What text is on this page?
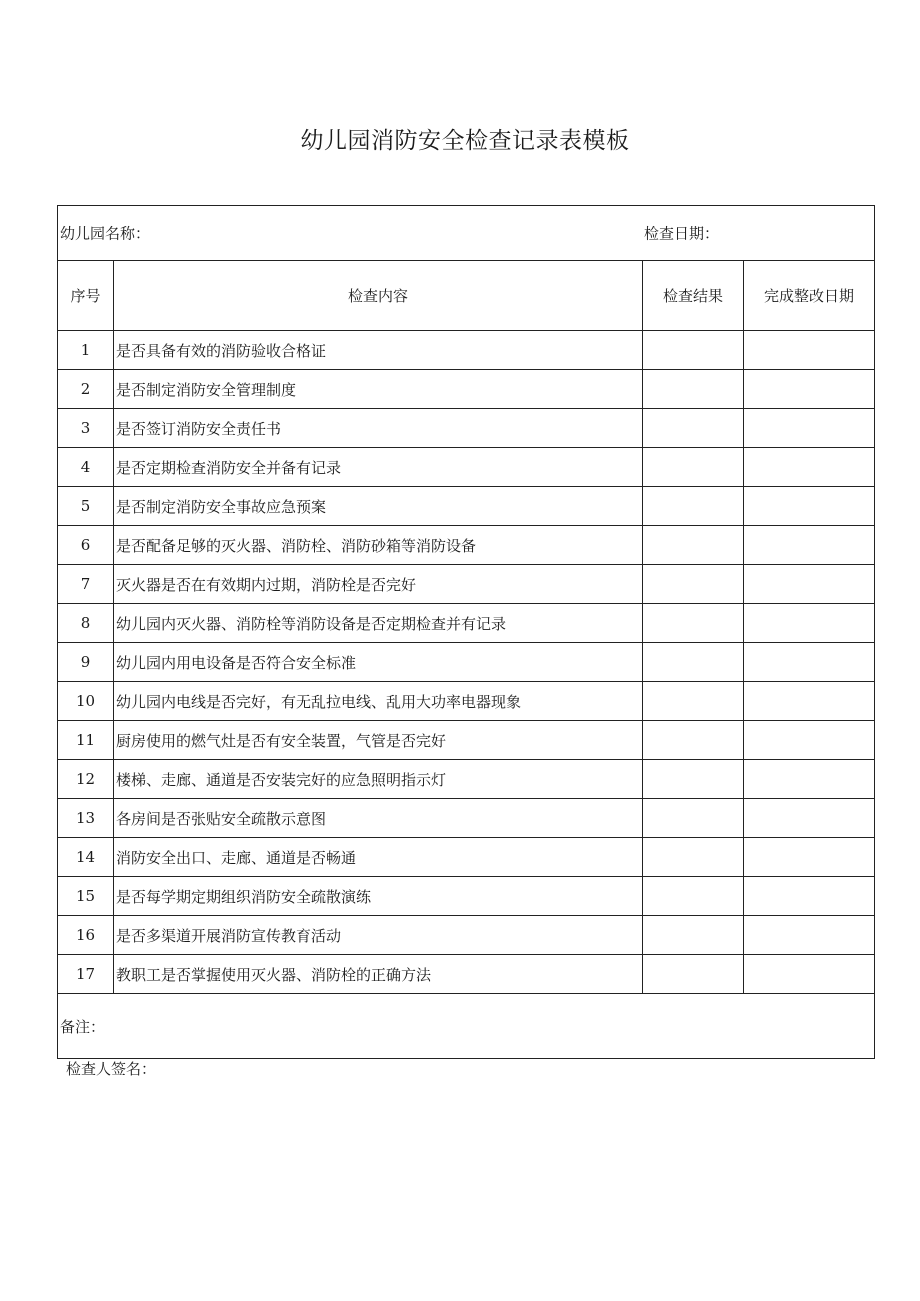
幼儿园消防安全检查记录表模板
幼儿园名称： 检查日期：			

序号	检查内容	检查结果	完成整改日期
1	是否具备有效的消防验收合格证		
2	是否制定消防安全管理制度		
3	是否签订消防安全责任书		
4	是否定期检查消防安全并备有记录		
5	是否制定消防安全事故应急预案		
6	是否配备足够的灭火器、消防栓、消防砂箱等消防设备		
7	灭火器是否在有效期内过期，消防栓是否完好		
8	幼儿园内灭火器、消防栓等消防设备是否定期检查并有记录		
9	幼儿园内用电设备是否符合安全标准		
10	幼儿园内电线是否完好，有无乱拉电线、乱用大功率电器现象		
11	厨房使用的燃气灶是否有安全装置，气管是否完好		
12	楼梯、走廊、通道是否安装完好的应急照明指示灯		
13	各房间是否张贴安全疏散示意图		
14	消防安全出口、走廊、通道是否畅通		
15	是否每学期定期组织消防安全疏散演练		
16	是否多渠道开展消防宣传教育活动		
17	教职工是否掌握使用灭火器、消防栓的正确方法		
备注：			
检查人签名：
